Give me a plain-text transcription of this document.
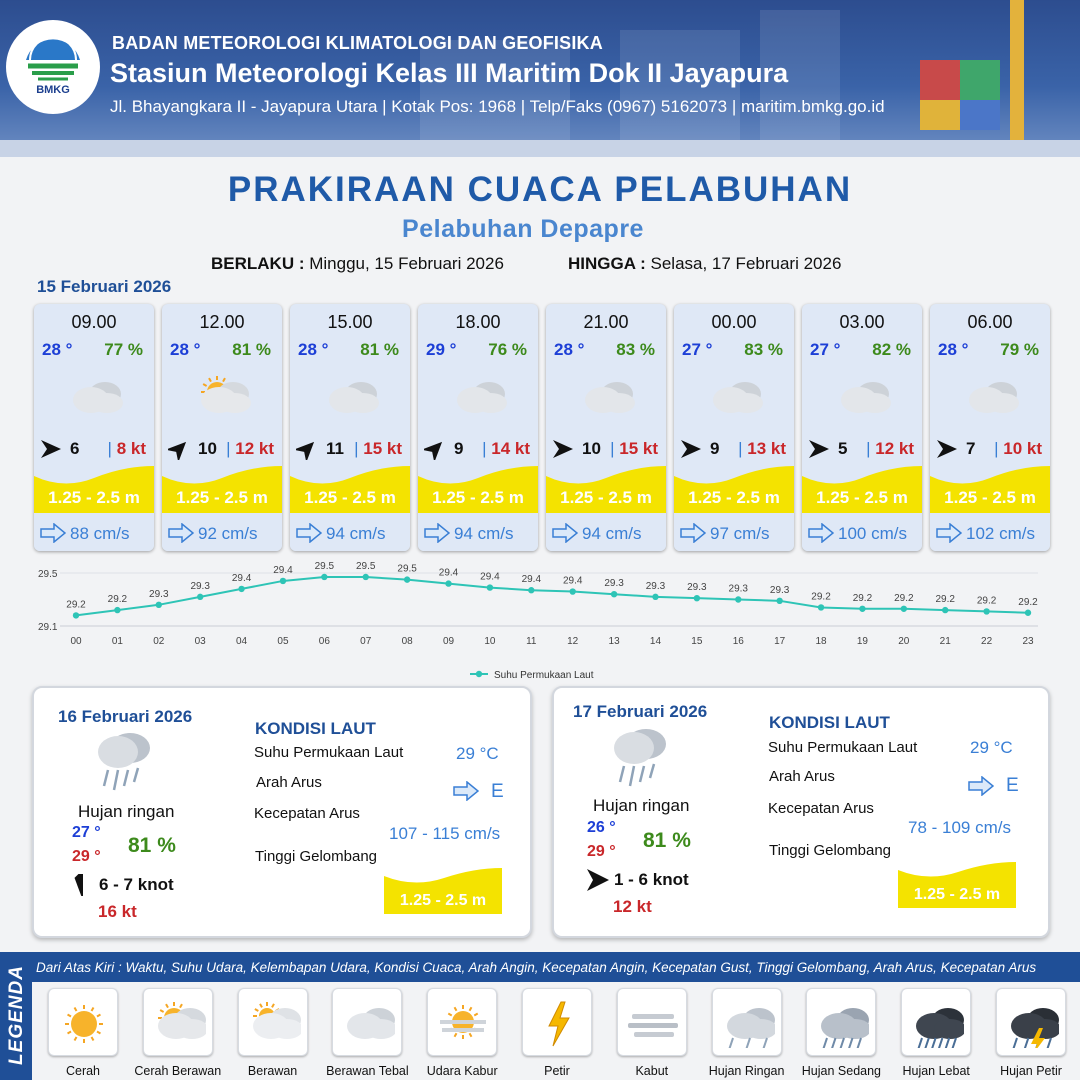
BMKG
BADAN METEOROLOGI KLIMATOLOGI DAN GEOFISIKA
Stasiun Meteorologi Kelas III Maritim Dok II Jayapura
Jl. Bhayangkara II - Jayapura Utara | Kotak Pos: 1968 | Telp/Faks (0967) 5162073 | maritim.bmkg.go.id
PRAKIRAAN CUACA PELABUHAN
Pelabuhan Depapre
BERLAKU : Minggu, 15 Februari 2026	HINGGA : Selasa, 17 Februari 2026
15 Februari 2026
09.00
28 ° 77 %
6 | 8 kt
1.25 - 2.5 m
88 cm/s
12.00
28 ° 81 %
10 | 12 kt
1.25 - 2.5 m
92 cm/s
15.00
28 ° 81 %
11 | 15 kt
1.25 - 2.5 m
94 cm/s
18.00
29 ° 76 %
9 | 14 kt
1.25 - 2.5 m
94 cm/s
21.00
28 ° 83 %
10 | 15 kt
1.25 - 2.5 m
94 cm/s
00.00
27 ° 83 %
9 | 13 kt
1.25 - 2.5 m
97 cm/s
03.00
27 ° 82 %
5 | 12 kt
1.25 - 2.5 m
100 cm/s
06.00
28 ° 79 %
7 | 10 kt
1.25 - 2.5 m
102 cm/s
29.5
29.1
29.2
00
29.2
01
29.3
02
29.3
03
29.4
04
29.4
05
29.5
06
29.5
07
29.5
08
29.4
09
29.4
10
29.4
11
29.4
12
29.3
13
29.3
14
29.3
15
29.3
16
29.3
17
29.2
18
29.2
19
29.2
20
29.2
21
29.2
22
29.2
23
Suhu Permukaan Laut
16 Februari 2026
Hujan ringan
27 °
29 ° 81 %
6 - 7 knot
16 kt
KONDISI LAUT
Suhu Permukaan Laut	29 °C
Arah Arus	E
Kecepatan Arus
107 - 115 cm/s
Tinggi Gelombang
1.25 - 2.5 m
17 Februari 2026
Hujan ringan
26 °
29 ° 81 %
1 - 6 knot
12 kt
KONDISI LAUT
Suhu Permukaan Laut	29 °C
Arah Arus	E
Kecepatan Arus
78 - 109 cm/s
Tinggi Gelombang
1.25 - 2.5 m
LEGENDA Dari Atas Kiri : Waktu, Suhu Udara, Kelembapan Udara, Kondisi Cuaca, Arah Angin, Kecepatan Angin, Kecepatan Gust, Tinggi Gelombang, Arah Arus, Kecepatan Arus
Cerah	Cerah Berawan	Berawan	Berawan Tebal	Udara Kabur	Petir	Kabut	Hujan Ringan	Hujan Sedang	Hujan Lebat	Hujan Petir
